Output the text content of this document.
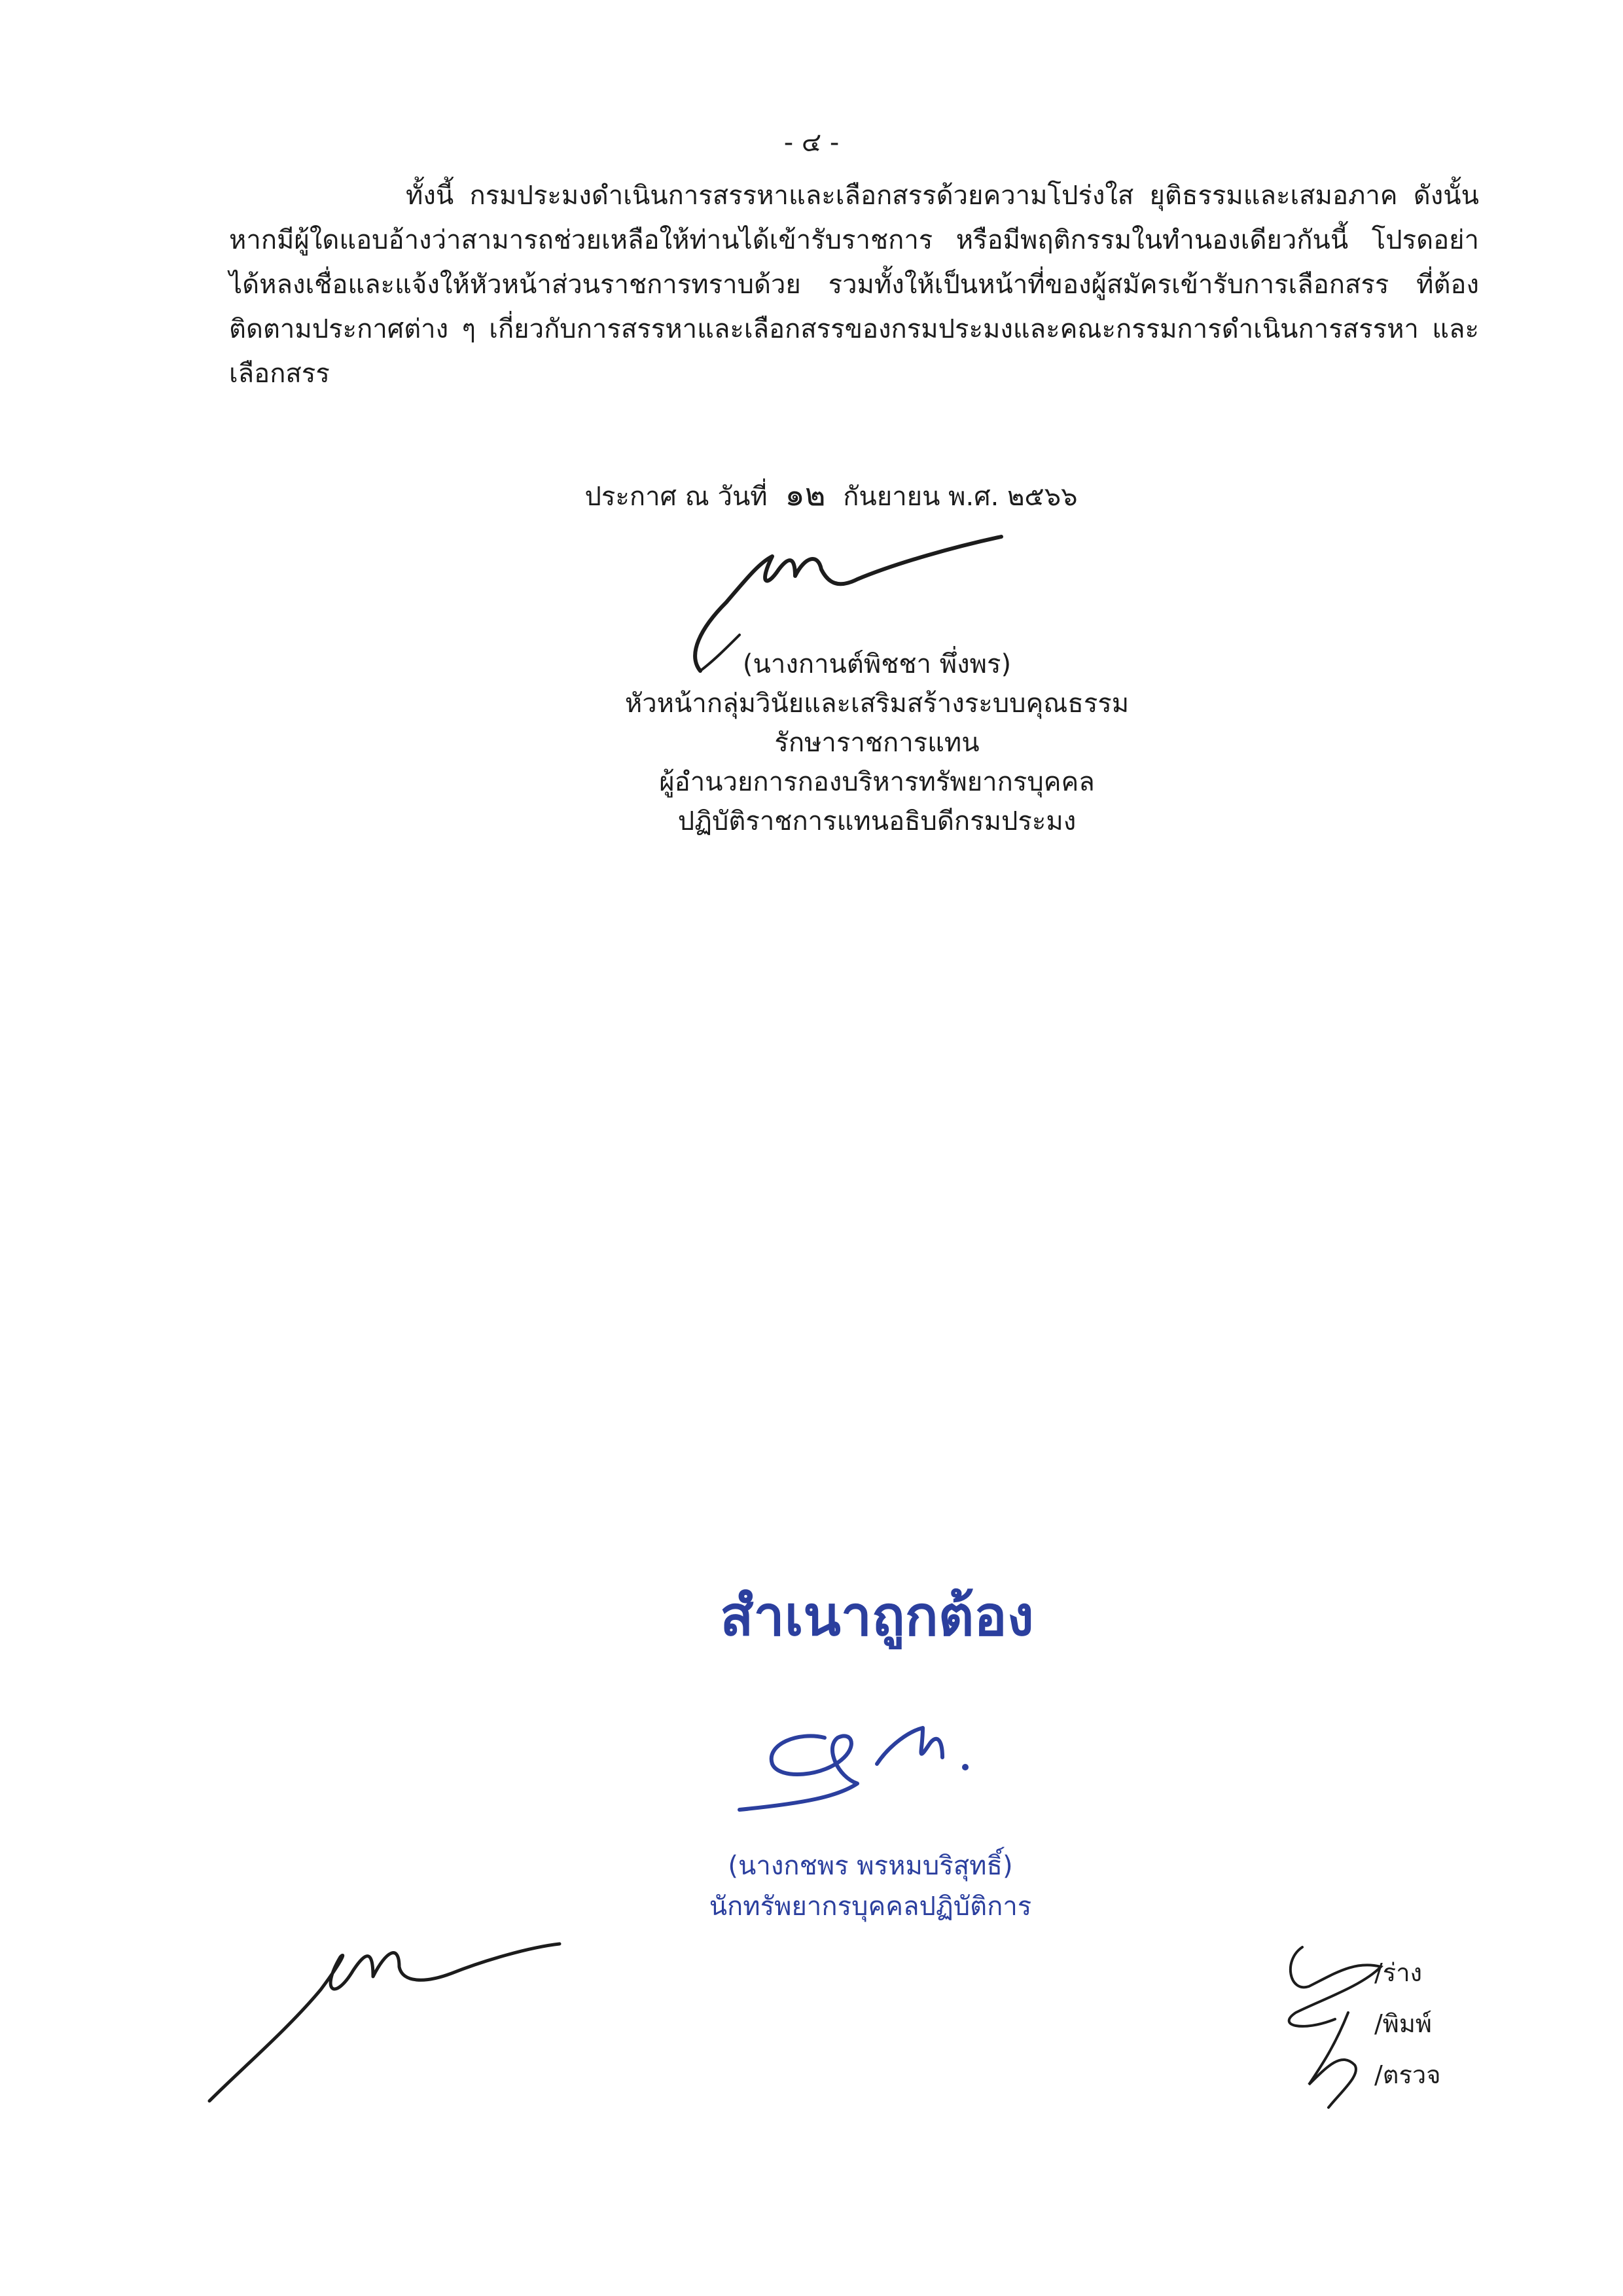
- ๔ -

ทั้งนี้ กรมประมงดำเนินการสรรหาและเลือกสรรด้วยความโปร่งใส ยุติธรรมและเสมอภาค ดังนั้น หากมีผู้ใดแอบอ้างว่าสามารถช่วยเหลือให้ท่านได้เข้ารับราชการ หรือมีพฤติกรรมในทำนองเดียวกันนี้ โปรดอย่าได้หลงเชื่อและแจ้งให้หัวหน้าส่วนราชการทราบด้วย รวมทั้งให้เป็นหน้าที่ของผู้สมัครเข้ารับการเลือกสรร ที่ต้องติดตามประกาศต่าง ๆ เกี่ยวกับการสรรหาและเลือกสรรของกรมประมงและคณะกรรมการดำเนินการสรรหา และเลือกสรร

ประกาศ ณ วันที่ ๑๒ กันยายน พ.ศ. ๒๕๖๖
(นางกานต์พิชชา พึ่งพร)
หัวหน้ากลุ่มวินัยและเสริมสร้างระบบคุณธรรม
รักษาราชการแทน
ผู้อำนวยการกองบริหารทรัพยากรบุคคล
ปฏิบัติราชการแทนอธิบดีกรมประมง
สำเนาถูกต้อง
(นางกชพร พรหมบริสุทธิ์)
นักทรัพยากรบุคคลปฏิบัติการ
/ร่าง
/พิมพ์
/ตรวจ
